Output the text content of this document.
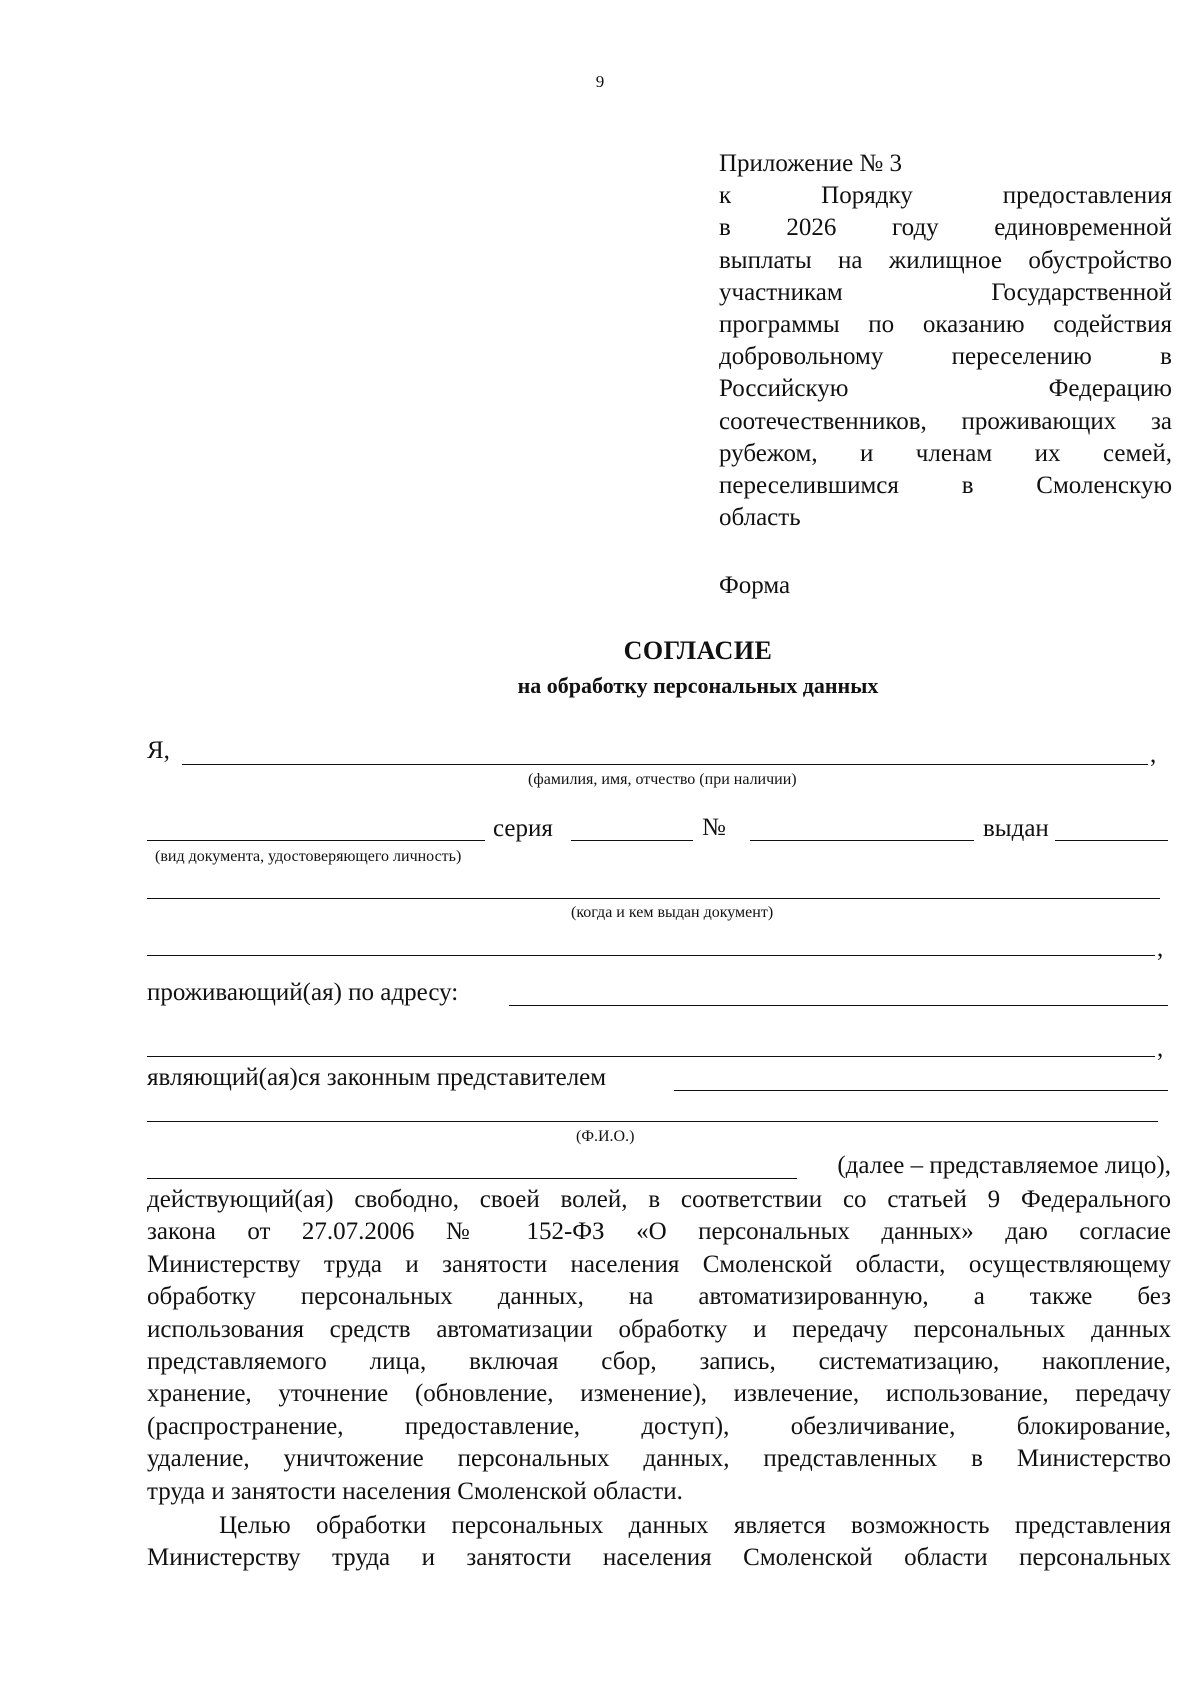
9
Приложение № 3
к Порядку предоставления
в 2026 году единовременной
выплаты на жилищное обустройство
участникам Государственной
программы по оказанию содействия
добровольному переселению в
Российскую Федерацию
соотечественников, проживающих за
рубежом, и членам их семей,
переселившимся в Смоленскую
область
Форма
СОГЛАСИЕ
на обработку персональных данных
Я,	,
(фамилия, имя, отчество (при наличии)
серия	№	выдан
(вид документа, удостоверяющего личность)
(когда и кем выдан документ)
,
проживающий(ая) по адресу:
,
являющий(ая)ся законным представителем
(Ф.И.О.)
(далее – представляемое лицо),
действующий(ая) свободно, своей волей, в соответствии со статьей 9 Федерального
закона от 27.07.2006 № 152-ФЗ «О персональных данных» даю согласие
Министерству труда и занятости населения Смоленской области, осуществляющему
обработку персональных данных, на автоматизированную, а также без
использования средств автоматизации обработку и передачу персональных данных
представляемого лица, включая сбор, запись, систематизацию, накопление,
хранение, уточнение (обновление, изменение), извлечение, использование, передачу
(распространение, предоставление, доступ), обезличивание, блокирование,
удаление, уничтожение персональных данных, представленных в Министерство
труда и занятости населения Смоленской области.
Целью обработки персональных данных является возможность представления
Министерству труда и занятости населения Смоленской области персональных
